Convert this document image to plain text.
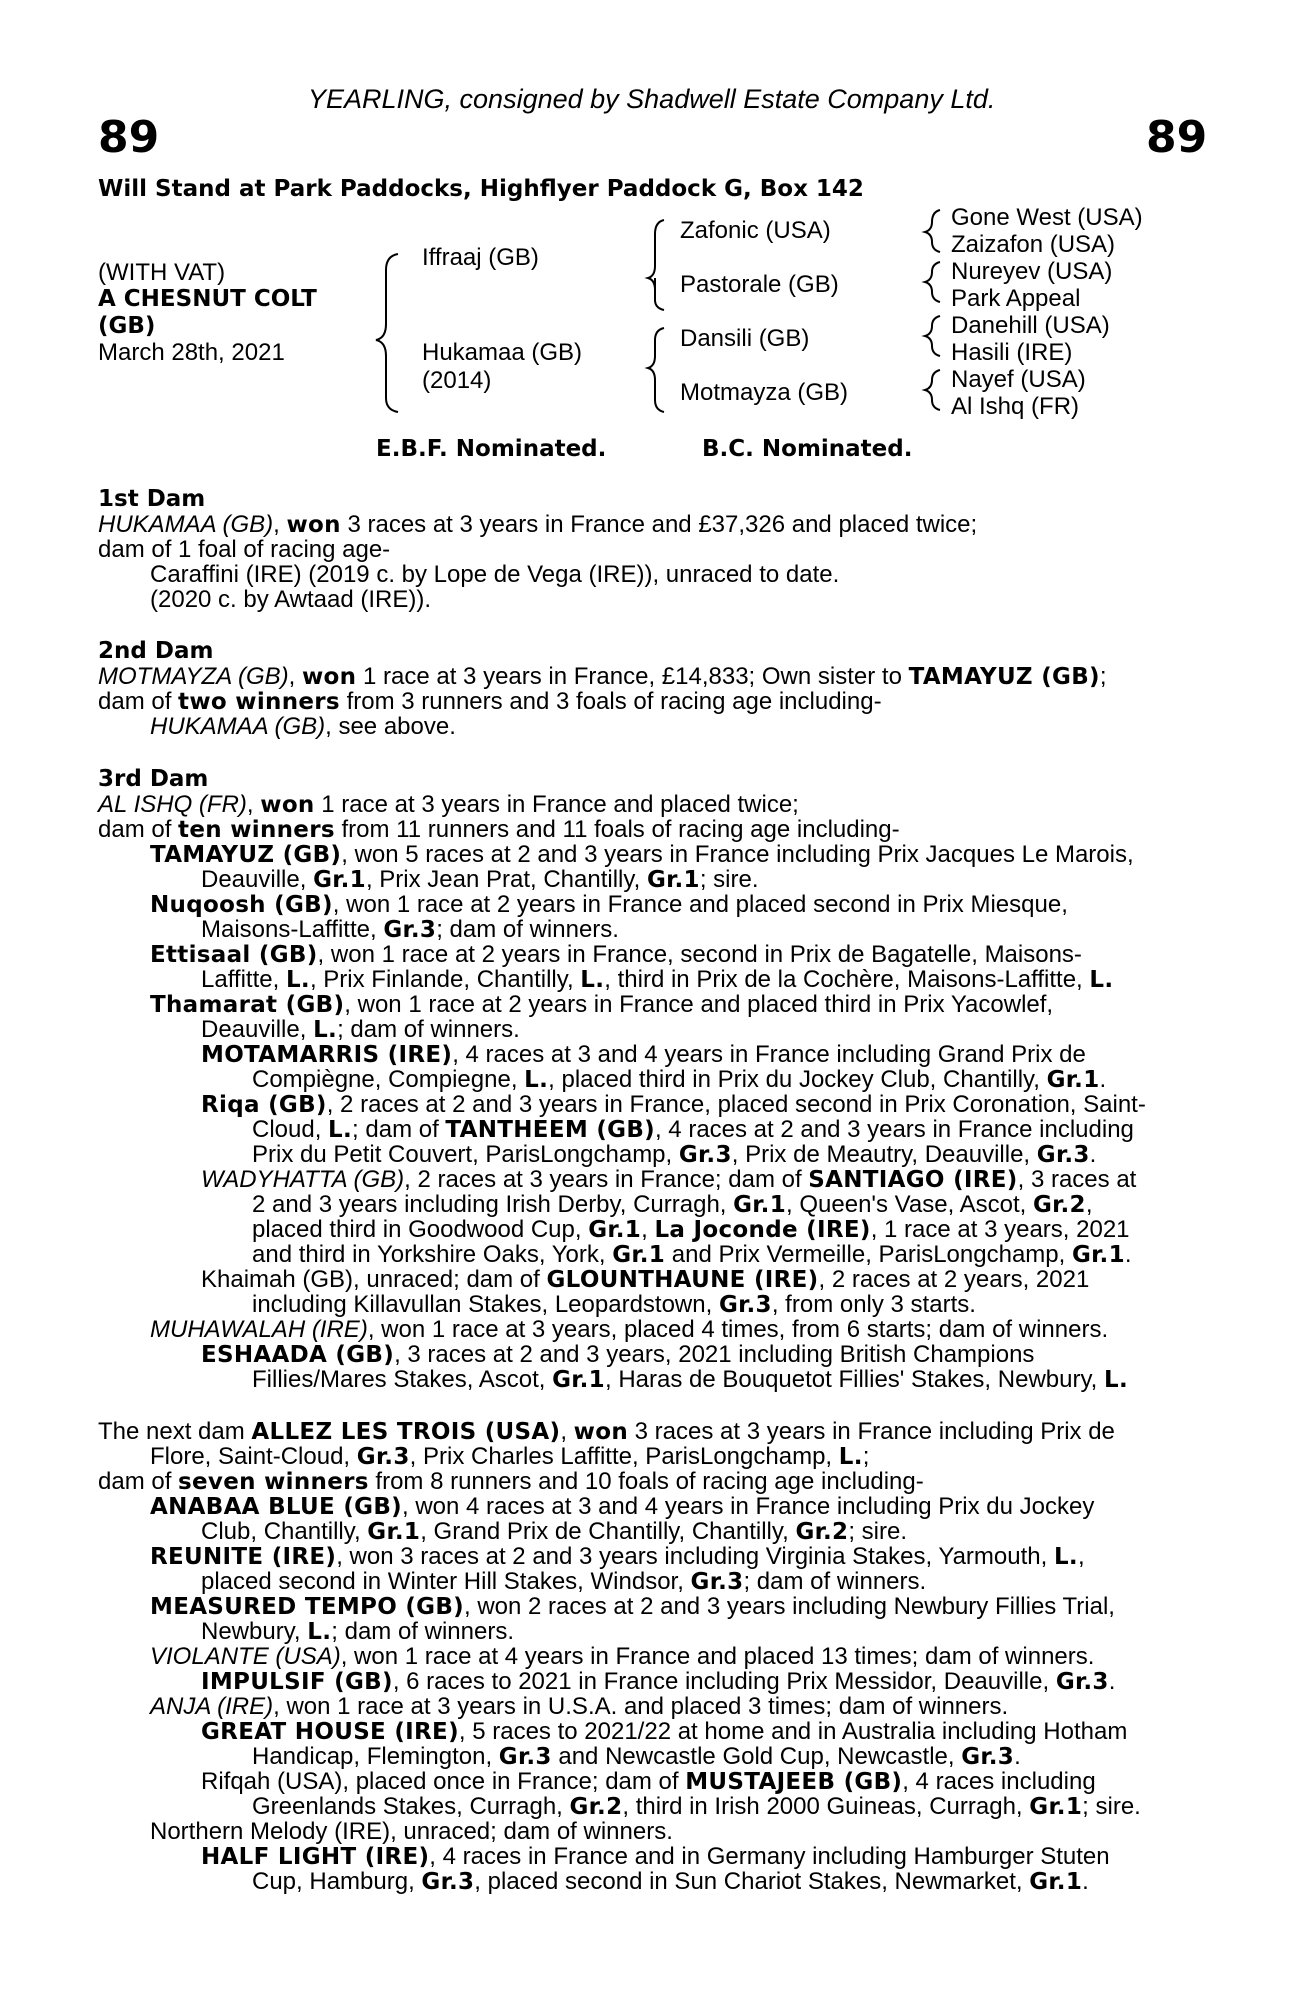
YEARLING, consigned by Shadwell Estate Company Ltd.
89	89
Will Stand at Park Paddocks, Highflyer Paddock G, Box 142
(WITH VAT)
A CHESNUT COLT
(GB)
March 28th, 2021
Iffraaj (GB)
Hukamaa (GB)
(2014)
Zafonic (USA)
Pastorale (GB)
Dansili (GB)
Motmayza (GB)
Gone West (USA)
Zaizafon (USA)
Nureyev (USA)
Park Appeal
Danehill (USA)
Hasili (IRE)
Nayef (USA)
Al Ishq (FR)
E.B.F. Nominated.	B.C. Nominated.
1st Dam
HUKAMAA (GB), won 3 races at 3 years in France and £37,326 and placed twice;
dam of 1 foal of racing age-
Caraffini (IRE) (2019 c. by Lope de Vega (IRE)), unraced to date.
(2020 c. by Awtaad (IRE)).
2nd Dam
MOTMAYZA (GB), won 1 race at 3 years in France, £14,833; Own sister to TAMAYUZ (GB);
dam of two winners from 3 runners and 3 foals of racing age including-
HUKAMAA (GB), see above.
3rd Dam
AL ISHQ (FR), won 1 race at 3 years in France and placed twice;
dam of ten winners from 11 runners and 11 foals of racing age including-
TAMAYUZ (GB), won 5 races at 2 and 3 years in France including Prix Jacques Le Marois,
Deauville, Gr.1, Prix Jean Prat, Chantilly, Gr.1; sire.
Nuqoosh (GB), won 1 race at 2 years in France and placed second in Prix Miesque,
Maisons-Laffitte, Gr.3; dam of winners.
Ettisaal (GB), won 1 race at 2 years in France, second in Prix de Bagatelle, Maisons-
Laffitte, L., Prix Finlande, Chantilly, L., third in Prix de la Cochère, Maisons-Laffitte, L.
Thamarat (GB), won 1 race at 2 years in France and placed third in Prix Yacowlef,
Deauville, L.; dam of winners.
MOTAMARRIS (IRE), 4 races at 3 and 4 years in France including Grand Prix de
Compiègne, Compiegne, L., placed third in Prix du Jockey Club, Chantilly, Gr.1.
Riqa (GB), 2 races at 2 and 3 years in France, placed second in Prix Coronation, Saint-
Cloud, L.; dam of TANTHEEM (GB), 4 races at 2 and 3 years in France including
Prix du Petit Couvert, ParisLongchamp, Gr.3, Prix de Meautry, Deauville, Gr.3.
WADYHATTA (GB), 2 races at 3 years in France; dam of SANTIAGO (IRE), 3 races at
2 and 3 years including Irish Derby, Curragh, Gr.1, Queen's Vase, Ascot, Gr.2,
placed third in Goodwood Cup, Gr.1, La Joconde (IRE), 1 race at 3 years, 2021
and third in Yorkshire Oaks, York, Gr.1 and Prix Vermeille, ParisLongchamp, Gr.1.
Khaimah (GB), unraced; dam of GLOUNTHAUNE (IRE), 2 races at 2 years, 2021
including Killavullan Stakes, Leopardstown, Gr.3, from only 3 starts.
MUHAWALAH (IRE), won 1 race at 3 years, placed 4 times, from 6 starts; dam of winners.
ESHAADA (GB), 3 races at 2 and 3 years, 2021 including British Champions
Fillies/Mares Stakes, Ascot, Gr.1, Haras de Bouquetot Fillies' Stakes, Newbury, L.
The next dam ALLEZ LES TROIS (USA), won 3 races at 3 years in France including Prix de
Flore, Saint-Cloud, Gr.3, Prix Charles Laffitte, ParisLongchamp, L.;
dam of seven winners from 8 runners and 10 foals of racing age including-
ANABAA BLUE (GB), won 4 races at 3 and 4 years in France including Prix du Jockey
Club, Chantilly, Gr.1, Grand Prix de Chantilly, Chantilly, Gr.2; sire.
REUNITE (IRE), won 3 races at 2 and 3 years including Virginia Stakes, Yarmouth, L.,
placed second in Winter Hill Stakes, Windsor, Gr.3; dam of winners.
MEASURED TEMPO (GB), won 2 races at 2 and 3 years including Newbury Fillies Trial,
Newbury, L.; dam of winners.
VIOLANTE (USA), won 1 race at 4 years in France and placed 13 times; dam of winners.
IMPULSIF (GB), 6 races to 2021 in France including Prix Messidor, Deauville, Gr.3.
ANJA (IRE), won 1 race at 3 years in U.S.A. and placed 3 times; dam of winners.
GREAT HOUSE (IRE), 5 races to 2021/22 at home and in Australia including Hotham
Handicap, Flemington, Gr.3 and Newcastle Gold Cup, Newcastle, Gr.3.
Rifqah (USA), placed once in France; dam of MUSTAJEEB (GB), 4 races including
Greenlands Stakes, Curragh, Gr.2, third in Irish 2000 Guineas, Curragh, Gr.1; sire.
Northern Melody (IRE), unraced; dam of winners.
HALF LIGHT (IRE), 4 races in France and in Germany including Hamburger Stuten
Cup, Hamburg, Gr.3, placed second in Sun Chariot Stakes, Newmarket, Gr.1.
